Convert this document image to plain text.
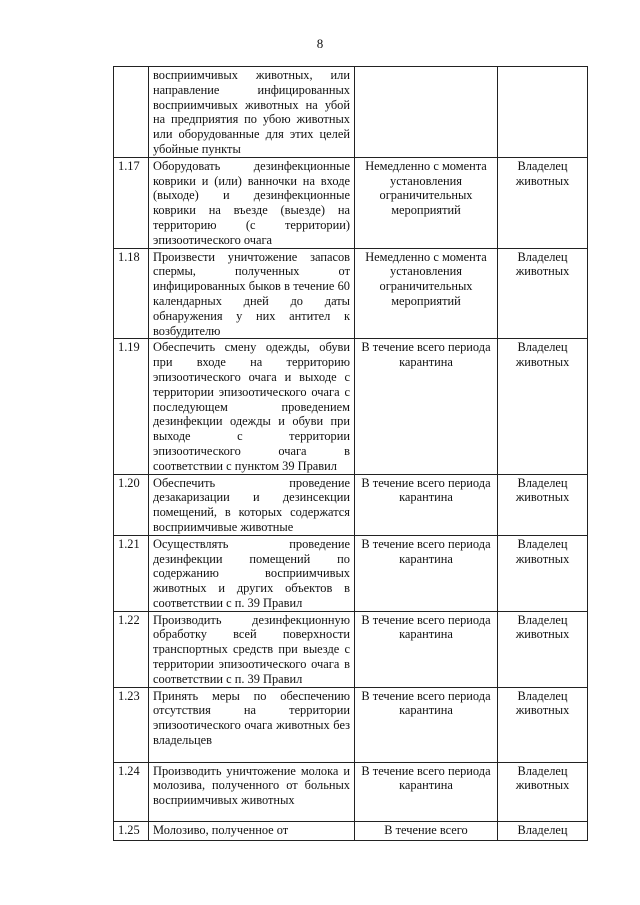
8
	восприимчивых животных, или направление инфицированных восприимчивых животных на убой на предприятия по убою животных или оборудованные для этих целей убойные пункты		
1.17	Оборудовать дезинфекционные коврики и (или) ванночки на входе (выходе) и дезинфекционные коврики на въезде (выезде) на территорию (с территории) эпизоотического очага	Немедленно с момента установления ограничительных мероприятий	Владелец животных
1.18	Произвести уничтожение запасов спермы, полученных от инфицированных быков в течение 60 календарных дней до даты обнаружения у них антител к возбудителю	Немедленно с момента установления ограничительных мероприятий	Владелец животных
1.19	Обеспечить смену одежды, обуви при входе на территорию эпизоотического очага и выходе с территории эпизоотического очага с последующем проведением дезинфекции одежды и обуви при выходе с территории эпизоотического очага в соответствии с пунктом 39 Правил	В течение всего периода карантина	Владелец животных
1.20	Обеспечить проведение дезакаризации и дезинсекции помещений, в которых содержатся восприимчивые животные	В течение всего периода карантина	Владелец животных
1.21	Осуществлять проведение дезинфекции помещений по содержанию восприимчивых животных и других объектов в соответствии с п. 39 Правил	В течение всего периода карантина	Владелец животных
1.22	Производить дезинфекционную обработку всей поверхности транспортных средств при выезде с территории эпизоотического очага в соответствии с п. 39 Правил	В течение всего периода карантина	Владелец животных
1.23	Принять меры по обеспечению отсутствия на территории эпизоотического очага животных без владельцев	В течение всего периода карантина	Владелец животных
1.24	Производить уничтожение молока и молозива, полученного от больных восприимчивых животных	В течение всего периода карантина	Владелец животных
1.25	Молозиво, полученное от	В течение всего	Владелец
